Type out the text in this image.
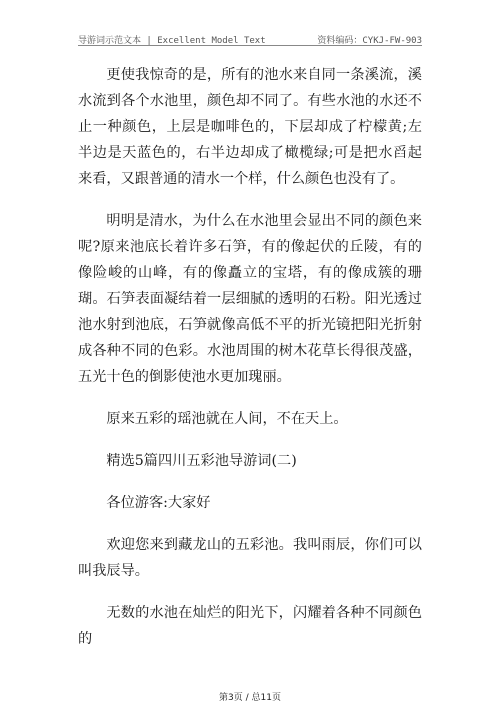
导游词示范文本 | Excellent Model Text	资料编码：CYKJ-FW-903

更使我惊奇的是，所有的池水来自同一条溪流，溪水流到各个水池里，颜色却不同了。有些水池的水还不止一种颜色，上层是咖啡色的，下层却成了柠檬黄;左半边是天蓝色的，右半边却成了橄榄绿;可是把水舀起来看，又跟普通的清水一个样，什么颜色也没有了。

明明是清水，为什么在水池里会显出不同的颜色来呢?原来池底长着许多石笋，有的像起伏的丘陵，有的像险峻的山峰，有的像矗立的宝塔，有的像成簇的珊瑚。石笋表面凝结着一层细腻的透明的石粉。阳光透过池水射到池底，石笋就像高低不平的折光镜把阳光折射成各种不同的色彩。水池周围的树木花草长得很茂盛，五光十色的倒影使池水更加瑰丽。

原来五彩的瑶池就在人间，不在天上。

精选5篇四川五彩池导游词(二)

各位游客:大家好

欢迎您来到藏龙山的五彩池。我叫雨辰，你们可以叫我辰导。

无数的水池在灿烂的阳光下，闪耀着各种不同颜色的

第3页 / 总11页
